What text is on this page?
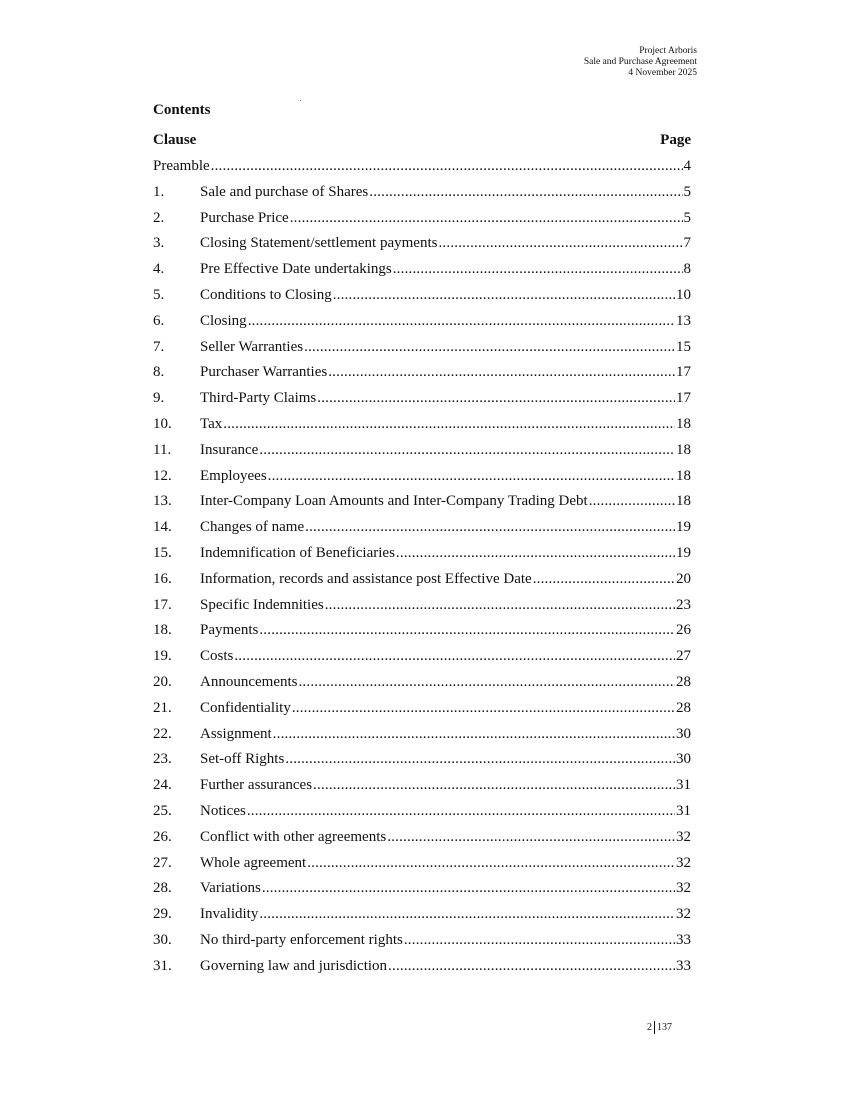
Project Arboris
Sale and Purchase Agreement
4 November 2025
Contents
Clause	Page
Preamble .....	4
1.	Sale and purchase of Shares .....	5
2.	Purchase Price .....	5
3.	Closing Statement/settlement payments .....	7
4.	Pre Effective Date undertakings .....	8
5.	Conditions to Closing .....	10
6.	Closing .....	13
7.	Seller Warranties .....	15
8.	Purchaser Warranties .....	17
9.	Third-Party Claims .....	17
10.	Tax .....	18
11.	Insurance .....	18
12.	Employees .....	18
13.	Inter-Company Loan Amounts and Inter-Company Trading Debt .....	18
14.	Changes of name .....	19
15.	Indemnification of Beneficiaries .....	19
16.	Information, records and assistance post Effective Date .....	20
17.	Specific Indemnities .....	23
18.	Payments .....	26
19.	Costs .....	27
20.	Announcements .....	28
21.	Confidentiality .....	28
22.	Assignment .....	30
23.	Set-off Rights .....	30
24.	Further assurances .....	31
25.	Notices .....	31
26.	Conflict with other agreements .....	32
27.	Whole agreement .....	32
28.	Variations .....	32
29.	Invalidity .....	32
30.	No third-party enforcement rights .....	33
31.	Governing law and jurisdiction .....	33
2 137
